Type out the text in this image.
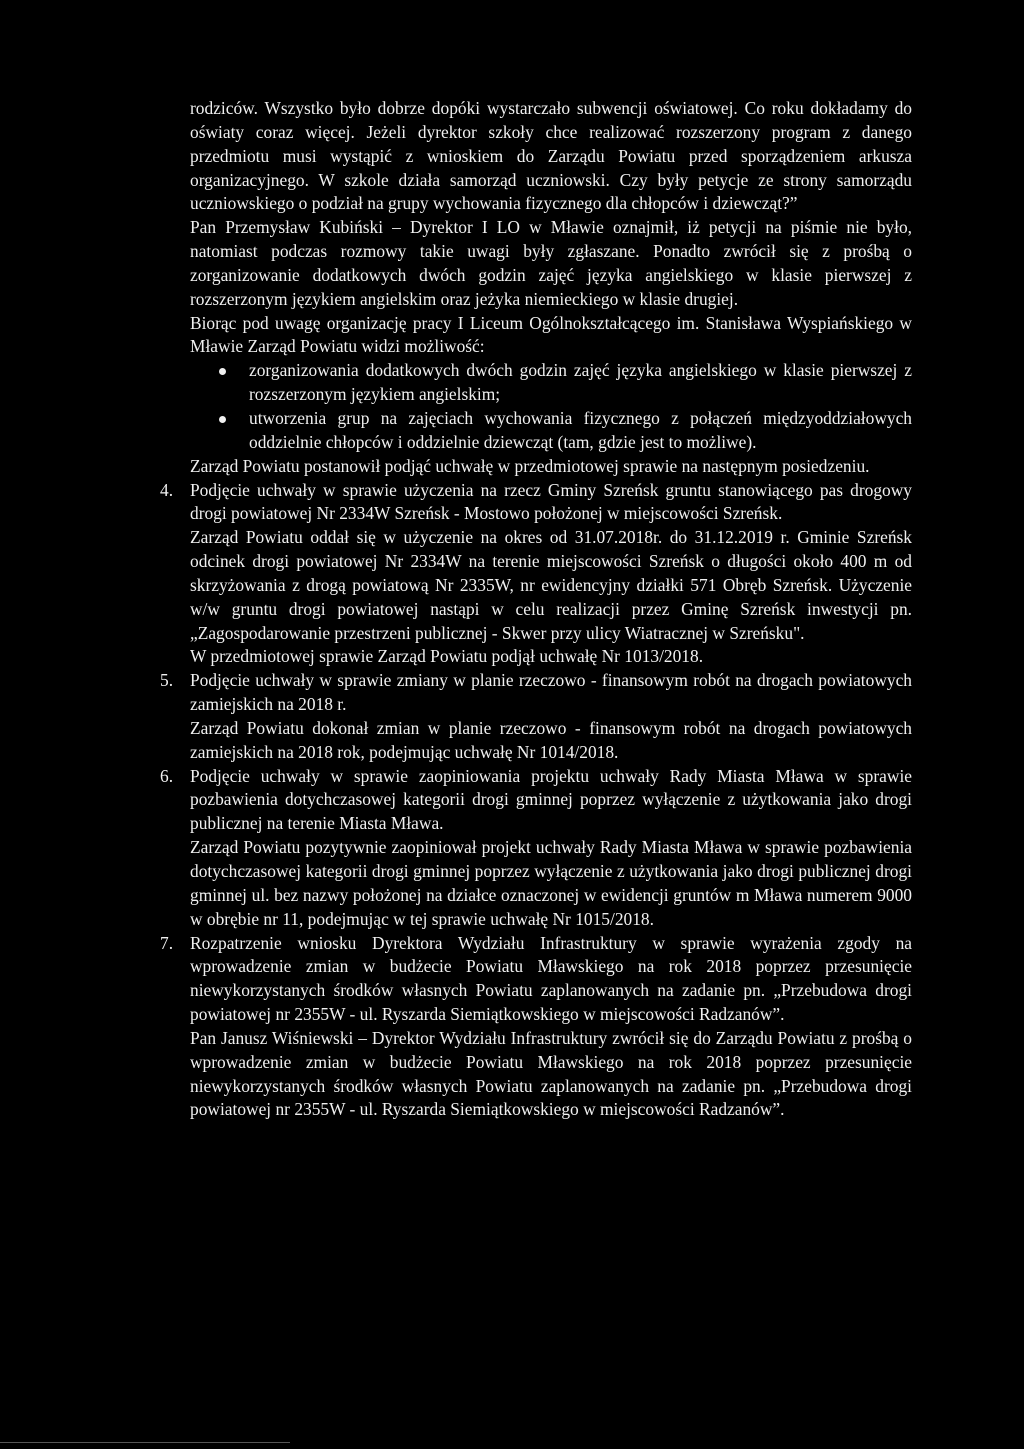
rodziców. Wszystko było dobrze dopóki wystarczało subwencji oświatowej. Co roku dokładamy do oświaty coraz więcej. Jeżeli dyrektor szkoły chce realizować rozszerzony program z danego przedmiotu musi wystąpić z wnioskiem do Zarządu Powiatu przed sporządzeniem arkusza organizacyjnego. W szkole działa samorząd uczniowski. Czy były petycje ze strony samorządu uczniowskiego o podział na grupy wychowania fizycznego dla chłopców i dziewcząt?”

Pan Przemysław Kubiński – Dyrektor I LO w Mławie oznajmił, iż petycji na piśmie nie było, natomiast podczas rozmowy takie uwagi były zgłaszane. Ponadto zwrócił się z prośbą o zorganizowanie dodatkowych dwóch godzin zajęć języka angielskiego w klasie pierwszej z rozszerzonym językiem angielskim oraz jeżyka niemieckiego w klasie drugiej.

Biorąc pod uwagę organizację pracy I Liceum Ogólnokształcącego im. Stanisława Wyspiańskiego w Mławie Zarząd Powiatu widzi możliwość:

zorganizowania dodatkowych dwóch godzin zajęć języka angielskiego w klasie pierwszej z rozszerzonym językiem angielskim;
utworzenia grup na zajęciach wychowania fizycznego z połączeń międzyoddziałowych oddzielnie chłopców i oddzielnie dziewcząt (tam, gdzie jest to możliwe).

Zarząd Powiatu postanowił podjąć uchwałę w przedmiotowej sprawie na następnym posiedzeniu.

4. Podjęcie uchwały w sprawie użyczenia na rzecz Gminy Szreńsk gruntu stanowiącego pas drogowy drogi powiatowej Nr 2334W Szreńsk - Mostowo położonej w miejscowości Szreńsk.

Zarząd Powiatu oddał się w użyczenie na okres od 31.07.2018r. do 31.12.2019 r. Gminie Szreńsk odcinek drogi powiatowej Nr 2334W na terenie miejscowości Szreńsk o długości około 400 m od skrzyżowania z drogą powiatową Nr 2335W, nr ewidencyjny działki 571 Obręb Szreńsk. Użyczenie w/w gruntu drogi powiatowej nastąpi w celu realizacji przez Gminę Szreńsk inwestycji pn. „Zagospodarowanie przestrzeni publicznej - Skwer przy ulicy Wiatracznej w Szreńsku".

W przedmiotowej sprawie Zarząd Powiatu podjął uchwałę Nr 1013/2018.

5. Podjęcie uchwały w sprawie zmiany w planie rzeczowo - finansowym robót na drogach powiatowych zamiejskich na 2018 r.

Zarząd Powiatu dokonał zmian w planie rzeczowo - finansowym robót na drogach powiatowych zamiejskich na 2018 rok, podejmując uchwałę Nr 1014/2018.

6. Podjęcie uchwały w sprawie zaopiniowania projektu uchwały Rady Miasta Mława w sprawie pozbawienia dotychczasowej kategorii drogi gminnej poprzez wyłączenie z użytkowania jako drogi publicznej na terenie Miasta Mława.

Zarząd Powiatu pozytywnie zaopiniował projekt uchwały Rady Miasta Mława w sprawie pozbawienia dotychczasowej kategorii drogi gminnej poprzez wyłączenie z użytkowania jako drogi publicznej drogi gminnej ul. bez nazwy położonej na działce oznaczonej w ewidencji gruntów m Mława numerem 9000 w obrębie nr 11, podejmując w tej sprawie uchwałę Nr 1015/2018.

7. Rozpatrzenie wniosku Dyrektora Wydziału Infrastruktury w sprawie wyrażenia zgody na wprowadzenie zmian w budżecie Powiatu Mławskiego na rok 2018 poprzez przesunięcie niewykorzystanych środków własnych Powiatu zaplanowanych na zadanie pn. „Przebudowa drogi powiatowej nr 2355W - ul. Ryszarda Siemiątkowskiego w miejscowości Radzanów”.

Pan Janusz Wiśniewski – Dyrektor Wydziału Infrastruktury zwrócił się do Zarządu Powiatu z prośbą o wprowadzenie zmian w budżecie Powiatu Mławskiego na rok 2018 poprzez przesunięcie niewykorzystanych środków własnych Powiatu zaplanowanych na zadanie pn. „Przebudowa drogi powiatowej nr 2355W - ul. Ryszarda Siemiątkowskiego w miejscowości Radzanów”.
